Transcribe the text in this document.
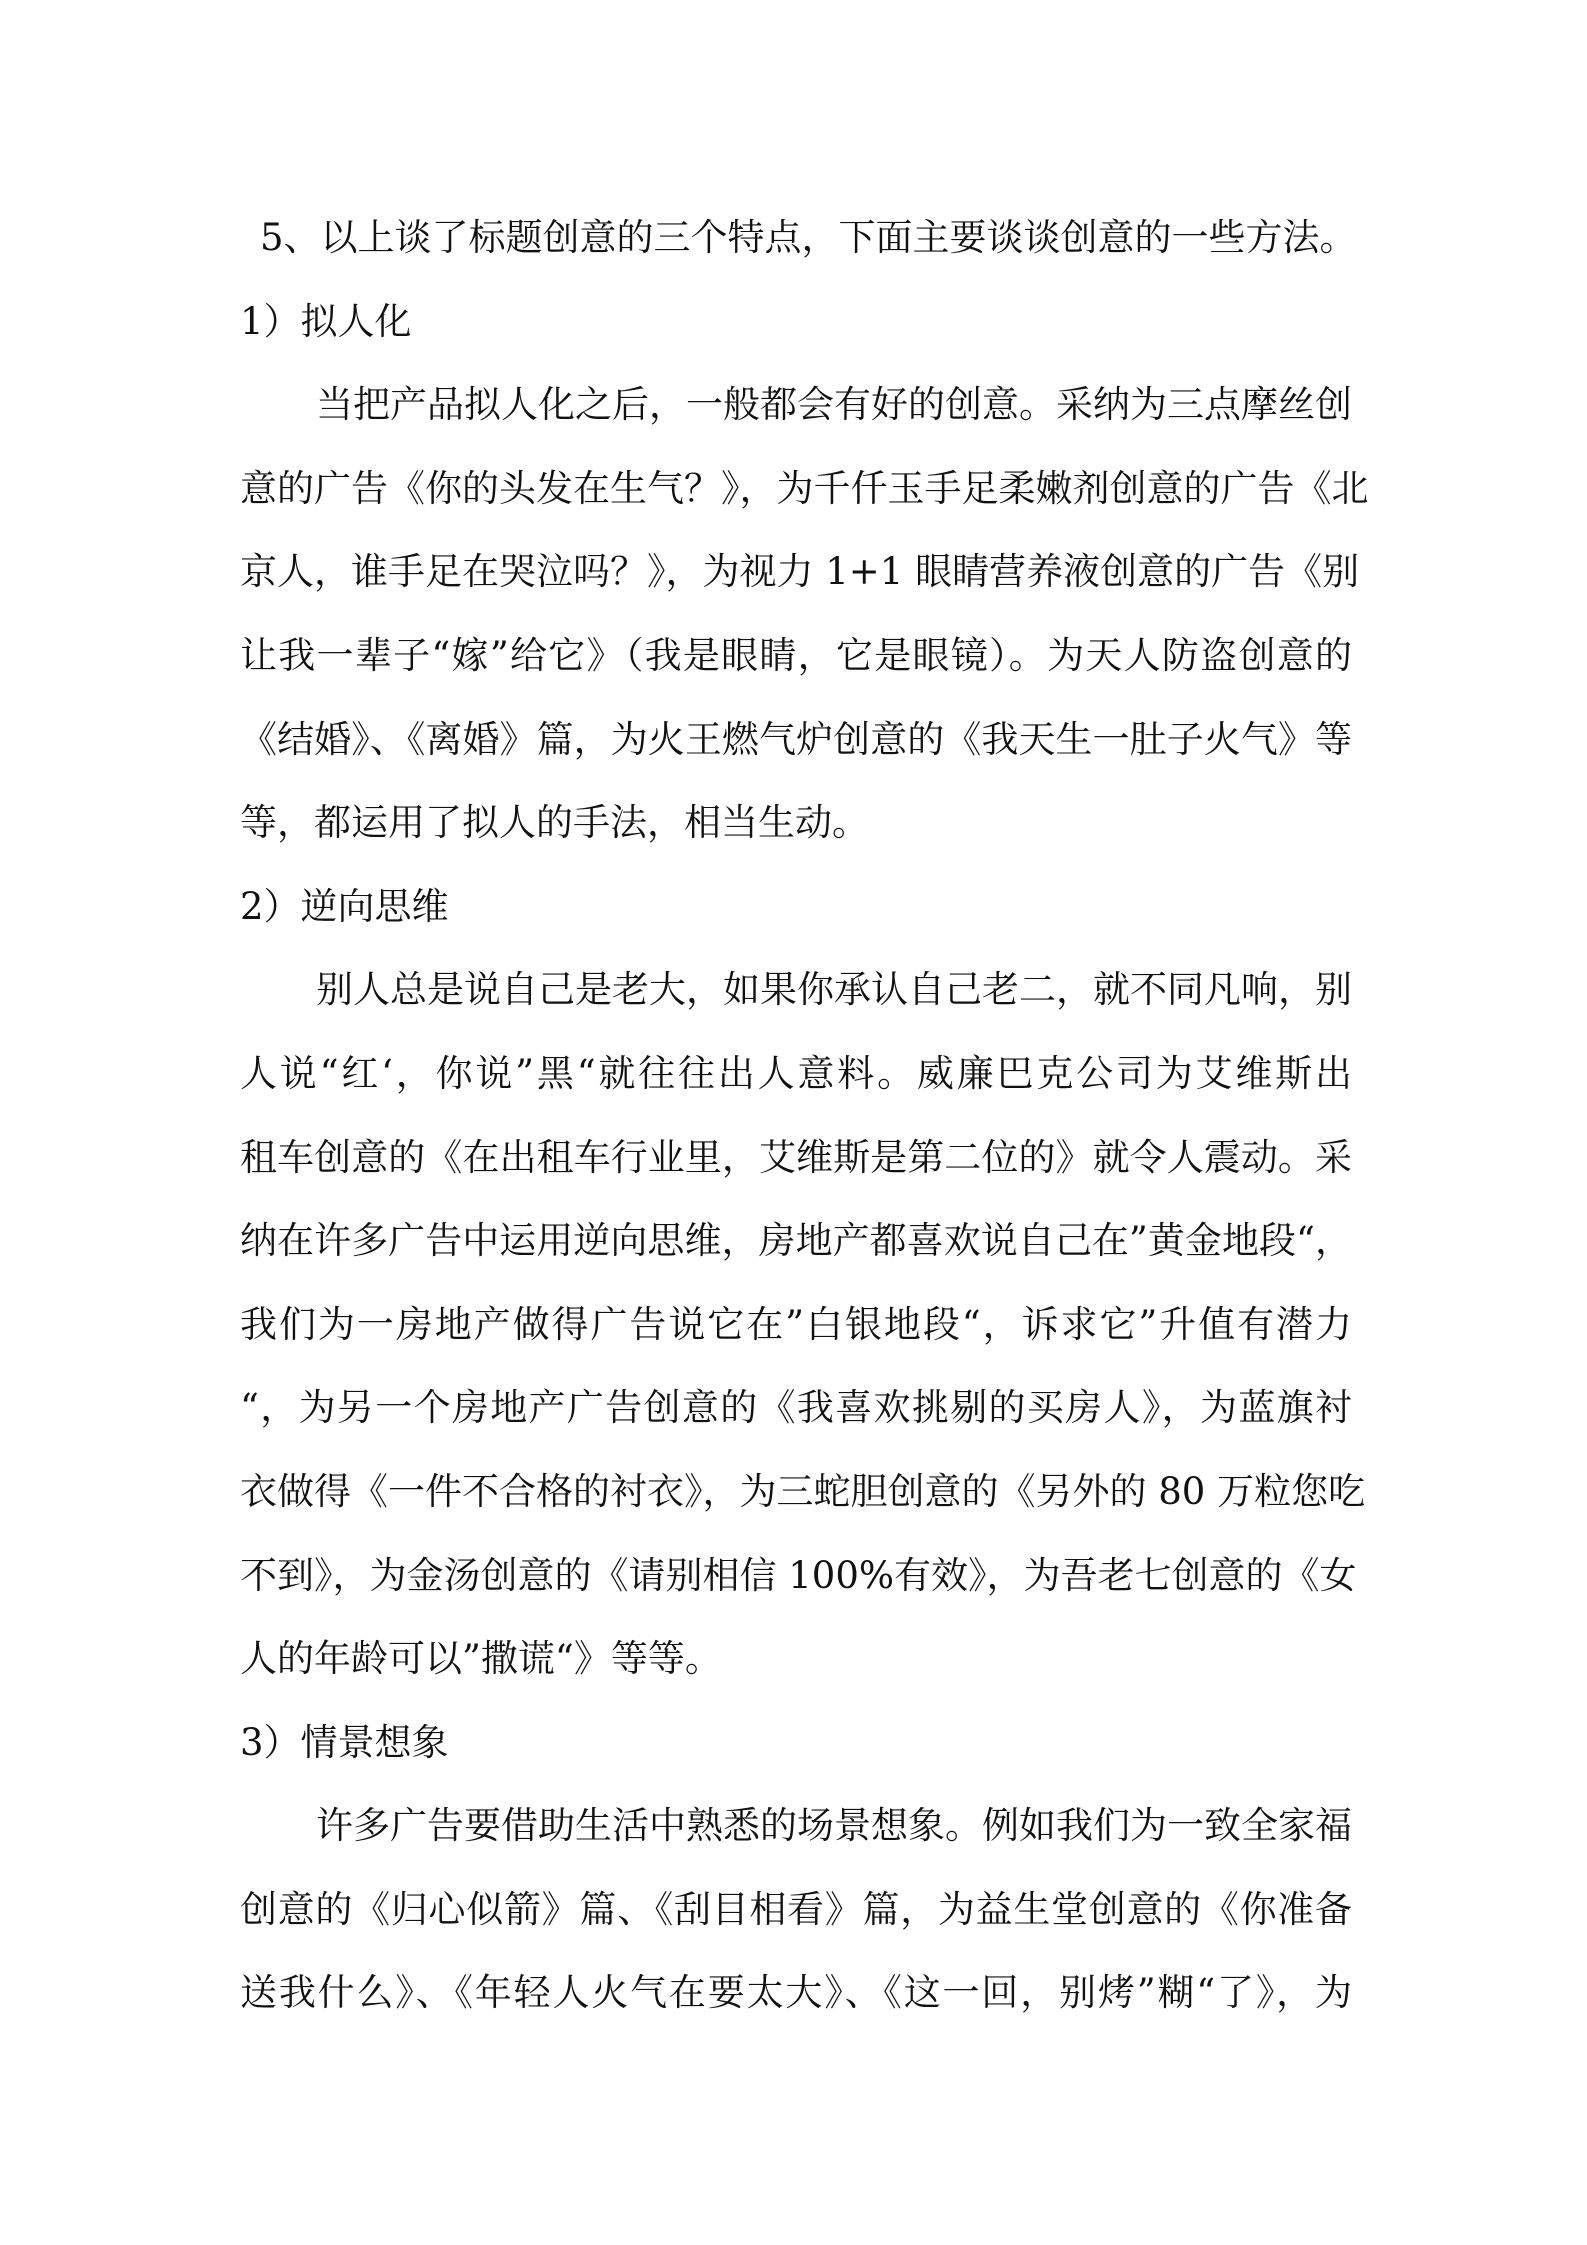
5、以上谈了标题创意的三个特点，下面主要谈谈创意的一些方法。
1）拟人化
当把产品拟人化之后，一般都会有好的创意。采纳为三点摩丝创
意的广告《你的头发在生气？》，为千仟玉手足柔嫩剂创意的广告《北
京人，谁手足在哭泣吗？》，为视力 1+1 眼睛营养液创意的广告《别
让我一辈子“嫁”给它》（我是眼睛，它是眼镜）。为天人防盗创意的
《结婚》、《离婚》篇，为火王燃气炉创意的《我天生一肚子火气》等
等，都运用了拟人的手法，相当生动。
2）逆向思维
别人总是说自己是老大，如果你承认自己老二，就不同凡响，别
人说“红‘，你说”黑“就往往出人意料。威廉巴克公司为艾维斯出
租车创意的《在出租车行业里，艾维斯是第二位的》就令人震动。采
纳在许多广告中运用逆向思维，房地产都喜欢说自己在”黄金地段“，
我们为一房地产做得广告说它在”白银地段“，诉求它”升值有潜力
“，为另一个房地产广告创意的《我喜欢挑剔的买房人》，为蓝旗衬
衣做得《一件不合格的衬衣》，为三蛇胆创意的《另外的 80 万粒您吃
不到》，为金汤创意的《请别相信 100%有效》，为吾老七创意的《女
人的年龄可以”撒谎“》等等。
3）情景想象
许多广告要借助生活中熟悉的场景想象。例如我们为一致全家福
创意的《归心似箭》篇、《刮目相看》篇，为益生堂创意的《你准备
送我什么》、《年轻人火气在要太大》、《这一回，别烤”糊“了》，为
